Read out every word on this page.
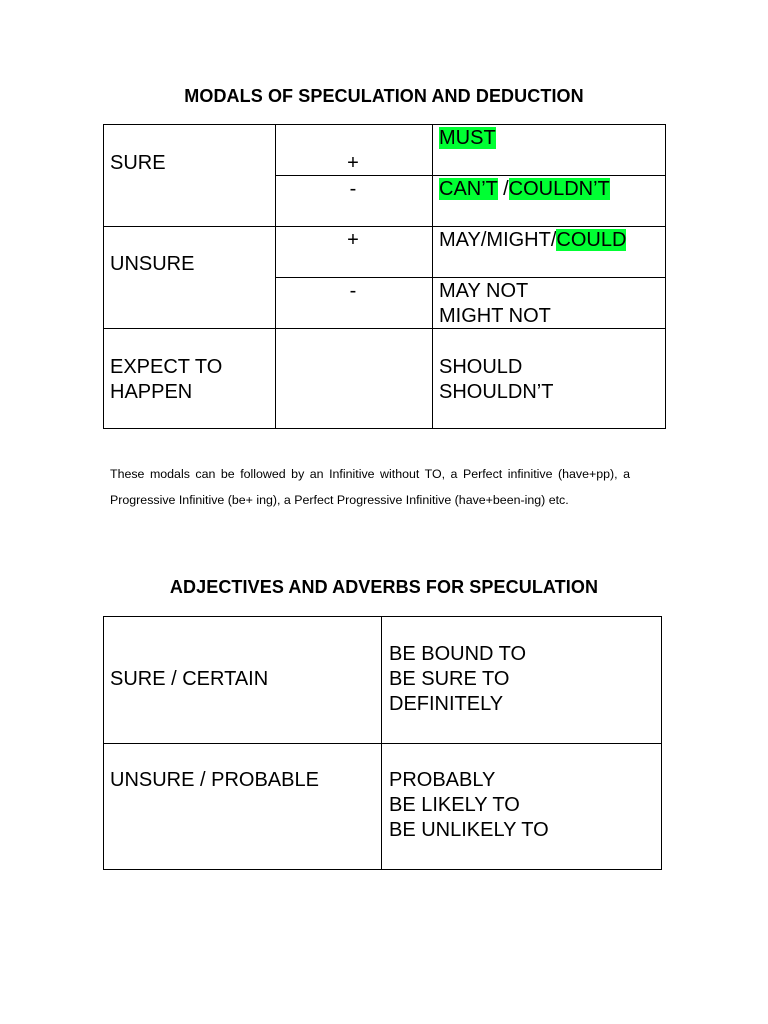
MODALS OF SPECULATION AND DEDUCTION
SURE	+
-
MUST
CAN’T /COULDN’T
UNSURE
+
-
MAY/MIGHT/COULD
MAY NOT
MIGHT NOT
EXPECT TO
HAPPEN
SHOULD
SHOULDN’T
These modals can be followed by an Infinitive without TO, a Perfect infinitive (have+pp), a Progressive Infinitive (be+ ing), a Perfect Progressive Infinitive (have+been-ing) etc.
ADJECTIVES AND ADVERBS FOR SPECULATION
SURE / CERTAIN
BE BOUND TO
BE SURE TO
DEFINITELY
UNSURE / PROBABLE	PROBABLY
BE LIKELY TO
BE UNLIKELY TO
